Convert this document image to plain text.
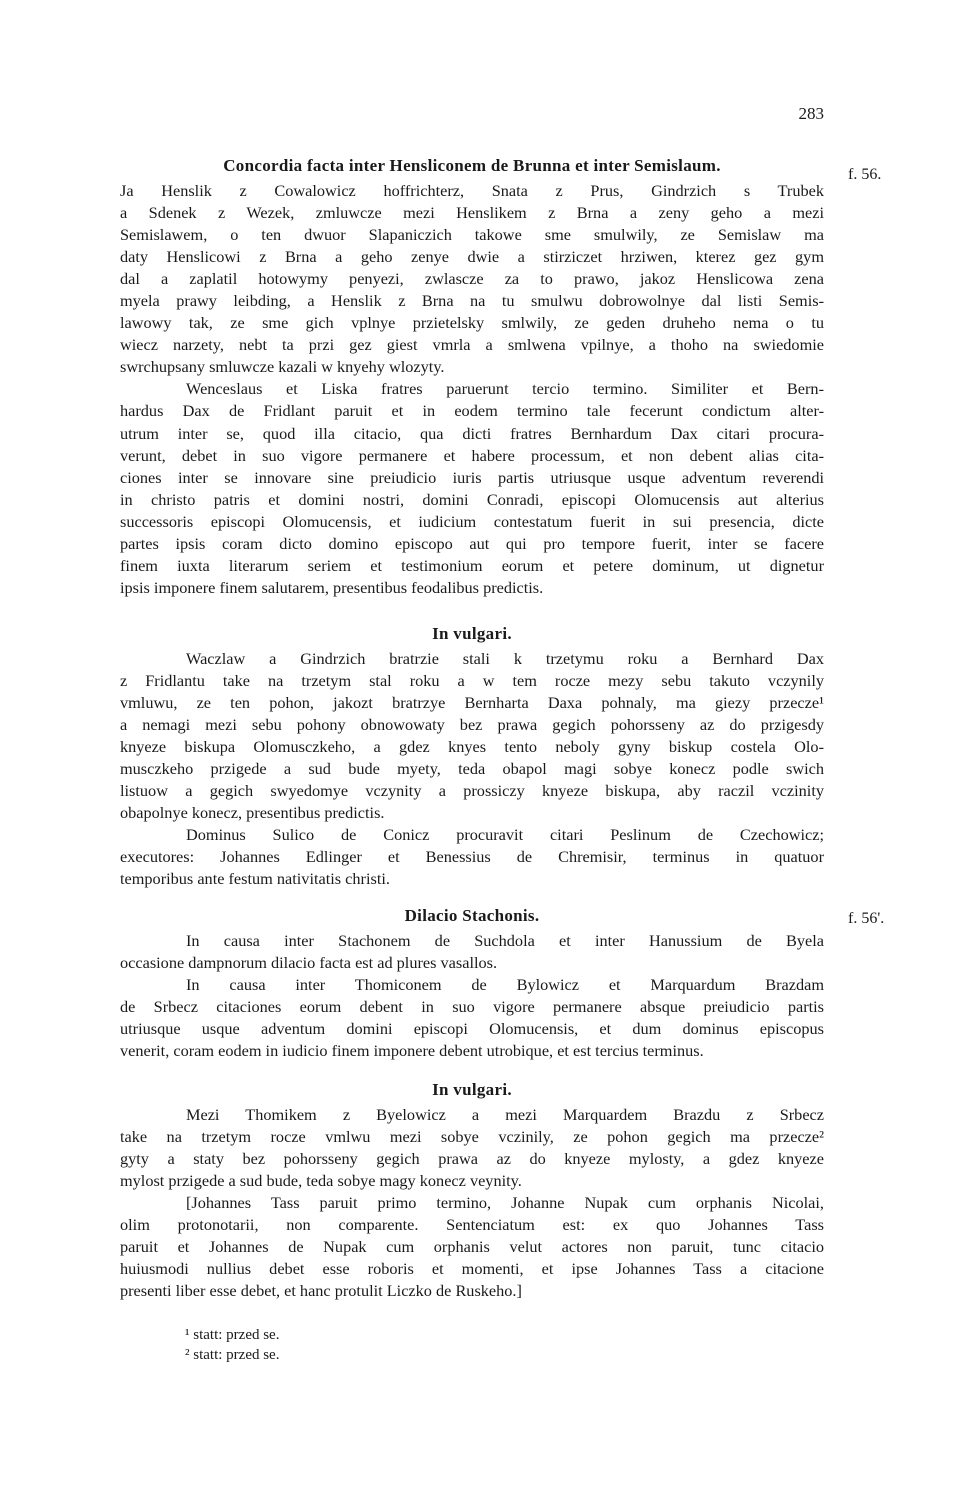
283
f. 56.
f. 56'.
Concordia facta inter Hensliconem de Brunna et inter Semislaum.
Ja Henslik z Cowalowicz hoffrichterz, Snata z Prus, Gindrzich s Trubek
a Sdenek z Wezek, zmluwcze mezi Henslikem z Brna a zeny geho a mezi
Semislawem, o ten dwuor Slapaniczich takowe sme smulwily, ze Semislaw ma
daty Henslicowi z Brna a geho zenye dwie a stirziczet hrziwen, kterez gez gym
dal a zaplatil hotowymy penyezi, zwlascze za to prawo, jakoz Henslicowa zena
myela prawy leibding, a Henslik z Brna na tu smulwu dobrowolnye dal listi Semis-
lawowy tak, ze sme gich vplnye przietelsky smlwily, ze geden druheho nema o tu
wiecz narzety, nebt ta przi gez giest vmrla a smlwena vpilnye, a thoho na swiedomie
swrchupsany smluwcze kazali w knyehy wlozyty.
Wenceslaus et Liska fratres paruerunt tercio termino. Similiter et Bern-
hardus Dax de Fridlant paruit et in eodem termino tale fecerunt condictum alter-
utrum inter se, quod illa citacio, qua dicti fratres Bernhardum Dax citari procura-
verunt, debet in suo vigore permanere et habere processum, et non debent alias cita-
ciones inter se innovare sine preiudicio iuris partis utriusque usque adventum reverendi
in christo patris et domini nostri, domini Conradi, episcopi Olomucensis aut alterius
successoris episcopi Olomucensis, et iudicium contestatum fuerit in sui presencia, dicte
partes ipsis coram dicto domino episcopo aut qui pro tempore fuerit, inter se facere
finem iuxta literarum seriem et testimonium eorum et petere dominum, ut dignetur
ipsis imponere finem salutarem, presentibus feodalibus predictis.
In vulgari.
Waczlaw a Gindrzich bratrzie stali k trzetymu roku a Bernhard Dax
z Fridlantu take na trzetym stal roku a w tem rocze mezy sebu takuto vczynily
vmluwu, ze ten pohon, jakozt bratrzye Bernharta Daxa pohnaly, ma giezy przecze¹
a nemagi mezi sebu pohony obnowowaty bez prawa gegich pohorsseny az do przigesdy
knyeze biskupa Olomusczkeho, a gdez knyes tento neboly gyny biskup costela Olo-
musczkeho przigede a sud bude myety, teda obapol magi sobye konecz podle swich
listuow a gegich swyedomye vczynity a prossiczy knyeze biskupa, aby raczil vczinity
obapolnye konecz, presentibus predictis.
Dominus Sulico de Conicz procuravit citari Peslinum de Czechowicz;
executores: Johannes Edlinger et Benessius de Chremisir, terminus in quatuor
temporibus ante festum nativitatis christi.
Dilacio Stachonis.
In causa inter Stachonem de Suchdola et inter Hanussium de Byela
occasione dampnorum dilacio facta est ad plures vasallos.
In causa inter Thomiconem de Bylowicz et Marquardum Brazdam
de Srbecz citaciones eorum debent in suo vigore permanere absque preiudicio partis
utriusque usque adventum domini episcopi Olomucensis, et dum dominus episcopus
venerit, coram eodem in iudicio finem imponere debent utrobique, et est tercius terminus.
In vulgari.
Mezi Thomikem z Byelowicz a mezi Marquardem Brazdu z Srbecz
take na trzetym rocze vmlwu mezi sobye vczinily, ze pohon gegich ma przecze²
gyty a staty bez pohorsseny gegich prawa az do knyeze mylosty, a gdez knyeze
mylost przigede a sud bude, teda sobye magy konecz veynity.
[Johannes Tass paruit primo termino, Johanne Nupak cum orphanis Nicolai,
olim protonotarii, non comparente. Sentenciatum est: ex quo Johannes Tass
paruit et Johannes de Nupak cum orphanis velut actores non paruit, tunc citacio
huiusmodi nullius debet esse roboris et momenti, et ipse Johannes Tass a citacione
presenti liber esse debet, et hanc protulit Liczko de Ruskeho.]
¹ statt: przed se.
² statt: przed se.
